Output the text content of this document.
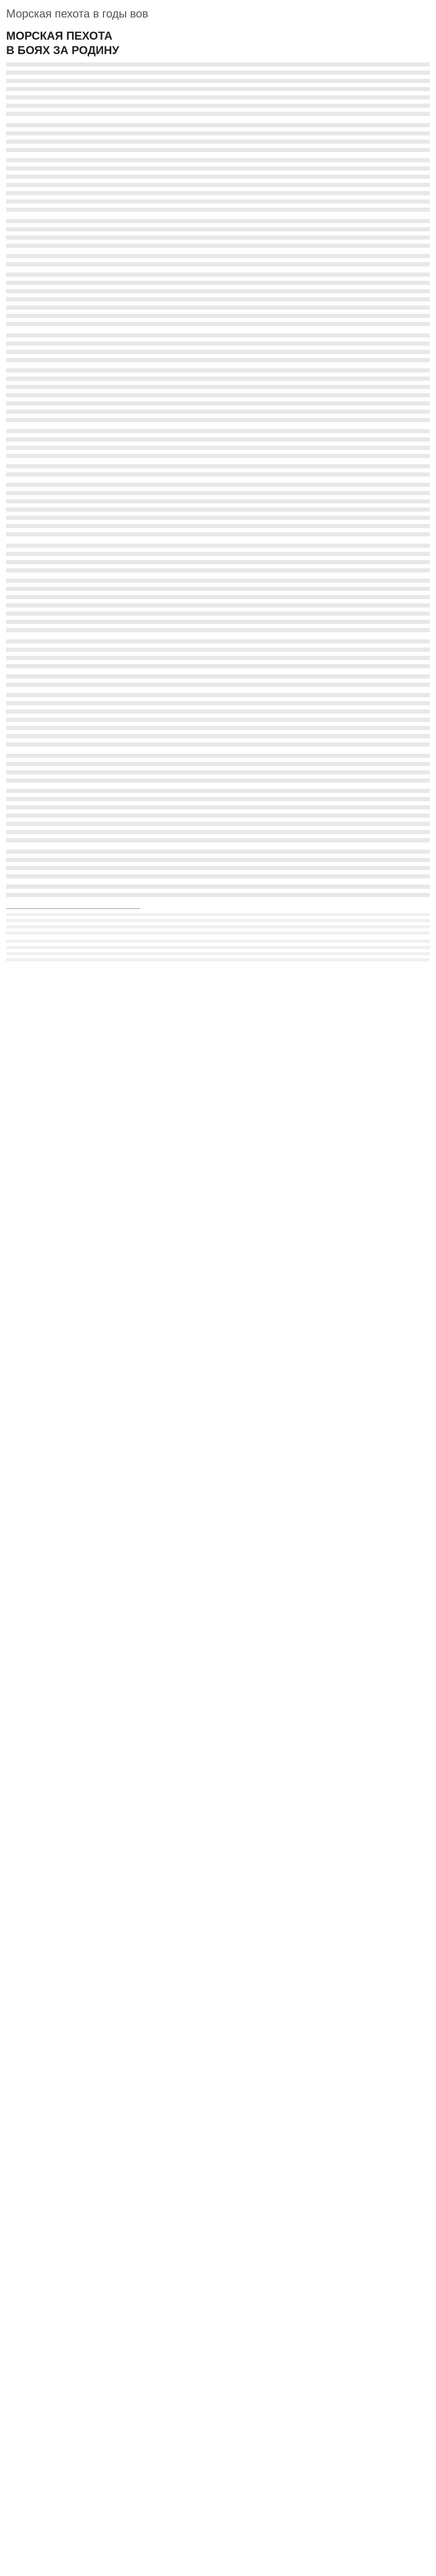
Морская пехота в годы вов
МОРСКАЯ ПЕХОТА
В БОЯХ ЗА РОДИНУ
